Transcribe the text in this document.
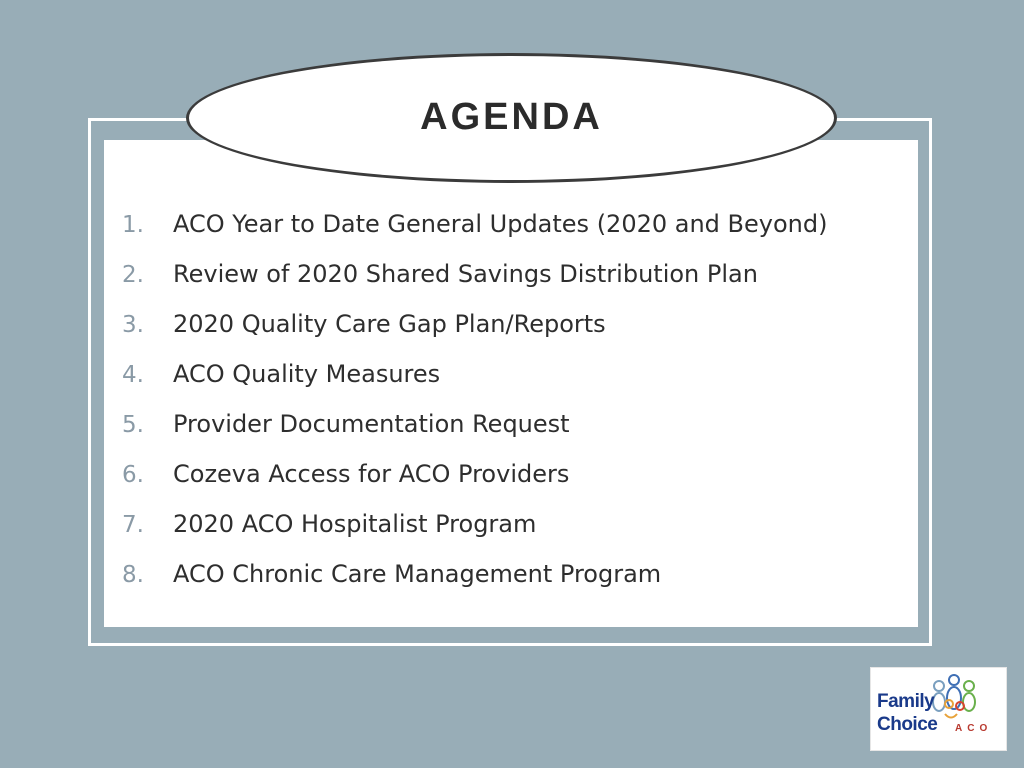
AGENDA
1.	ACO Year to Date General Updates (2020 and Beyond)
2.	Review of 2020 Shared Savings Distribution Plan
3.	2020 Quality Care Gap Plan/Reports
4.	ACO Quality Measures
5.	Provider Documentation Request
6.	Cozeva Access for ACO Providers
7.	2020 ACO Hospitalist Program
8.	ACO Chronic Care Management Program
Family
Choice ACO
